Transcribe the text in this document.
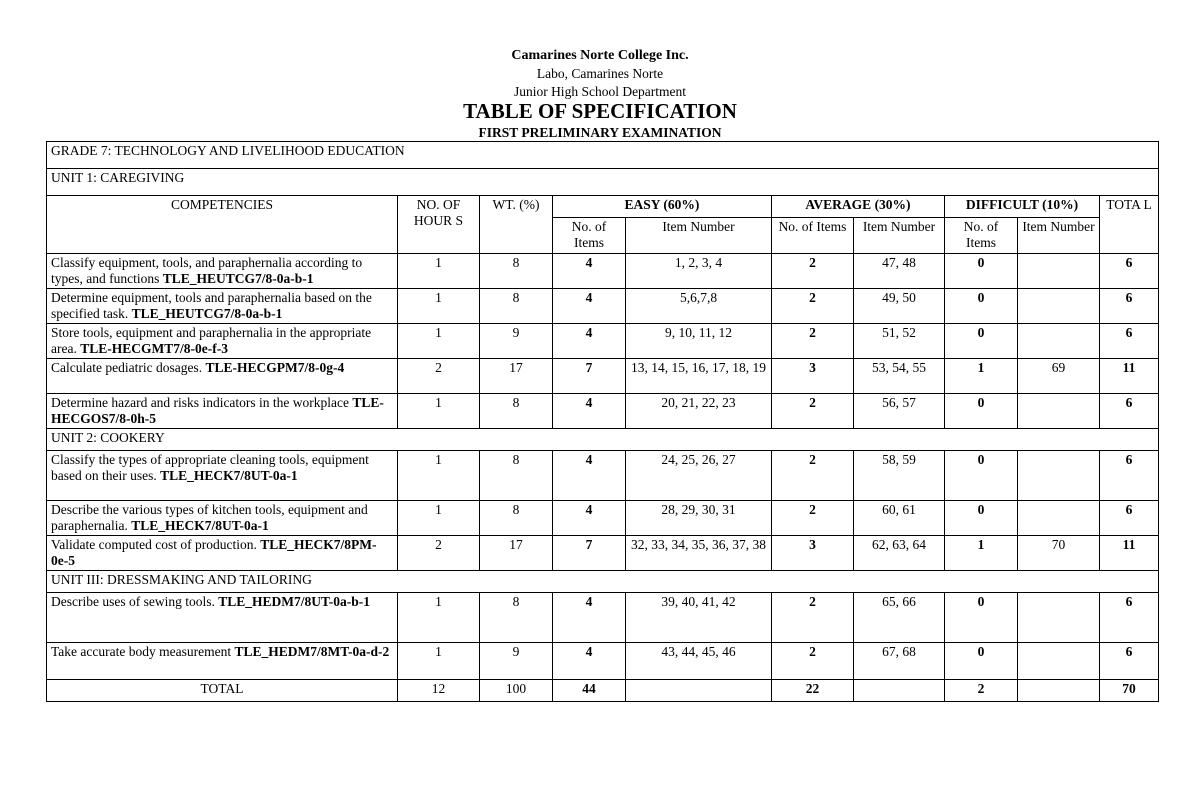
Camarines Norte College Inc.
Labo, Camarines Norte
Junior High School Department
TABLE OF SPECIFICATION
FIRST PRELIMINARY EXAMINATION
GRADE 7: TECHNOLOGY AND LIVELIHOOD EDUCATION									
UNIT 1: CAREGIVING									
COMPETENCIES	NO. OF HOUR S	WT. (%)	EASY (60%)		AVERAGE (30%)		DIFFICULT (10%)		TOTA L
			No. of Items	Item Number	No. of Items	Item Number	No. of Items	Item Number	
Classify equipment, tools, and paraphernalia according to types, and functions TLE_HEUTCG7/8-0a-b-1	1	8	4	1, 2, 3, 4	2	47, 48	0		6
Determine equipment, tools and paraphernalia based on the specified task. TLE_HEUTCG7/8-0a-b-1	1	8	4	5,6,7,8	2	49, 50	0		6
Store tools, equipment and paraphernalia in the appropriate area. TLE-HECGMT7/8-0e-f-3	1	9	4	9, 10, 11, 12	2	51, 52	0		6
Calculate pediatric dosages. TLE-HECGPM7/8-0g-4	2	17	7	13, 14, 15, 16, 17, 18, 19	3	53, 54, 55	1	69	11
Determine hazard and risks indicators in the workplace TLE-HECGOS7/8-0h-5	1	8	4	20, 21, 22, 23	2	56, 57	0		6
UNIT 2: COOKERY									
Classify the types of appropriate cleaning tools, equipment based on their uses. TLE_HECK7/8UT-0a-1	1	8	4	24, 25, 26, 27	2	58, 59	0		6
Describe the various types of kitchen tools, equipment and paraphernalia. TLE_HECK7/8UT-0a-1	1	8	4	28, 29, 30, 31	2	60, 61	0		6
Validate computed cost of production. TLE_HECK7/8PM-0e-5	2	17	7	32, 33, 34, 35, 36, 37, 38	3	62, 63, 64	1	70	11
UNIT III: DRESSMAKING AND TAILORING									
Describe uses of sewing tools. TLE_HEDM7/8UT-0a-b-1	1	8	4	39, 40, 41, 42	2	65, 66	0		6
Take accurate body measurement TLE_HEDM7/8MT-0a-d-2	1	9	4	43, 44, 45, 46	2	67, 68	0		6
TOTAL	12	100	44		22		2		70
